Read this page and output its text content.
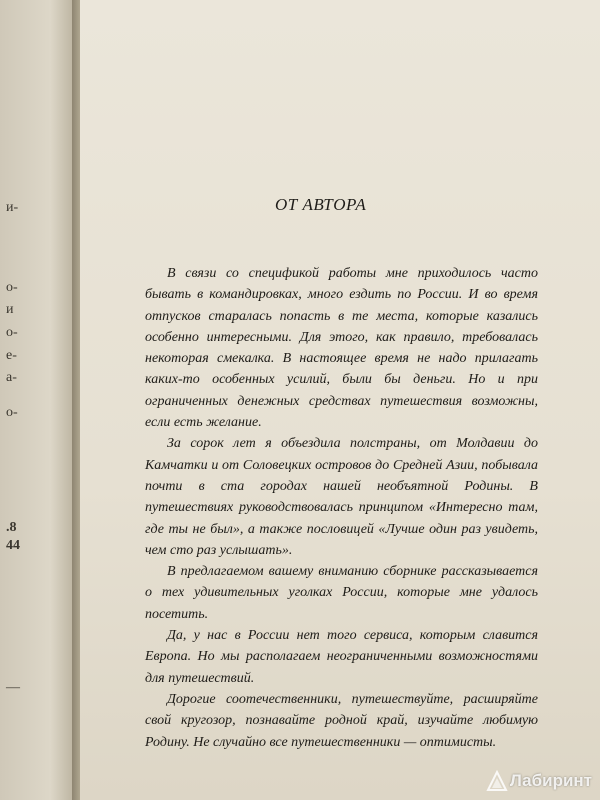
и-
о-
и
о-
е-
а-
о-
.8
44
—
ОТ АВТОРА

В связи со спецификой работы мне приходилось часто бывать в командировках, много ездить по России. И во время отпусков старалась попасть в те места, которые казались особенно интересными. Для этого, как правило, требовалась некоторая смекалка. В настоящее время не надо прилагать каких-то особенных усилий, были бы деньги. Но и при ограниченных денежных средствах путешествия возможны, если есть желание.

За сорок лет я объездила полстраны, от Молдавии до Камчатки и от Соловецких островов до Средней Азии, побывала почти в ста городах нашей необъятной Родины. В путешествиях руководствовалась принципом «Интересно там, где ты не был», а также пословицей «Лучше один раз увидеть, чем сто раз услышать».

В предлагаемом вашему вниманию сборнике рассказывается о тех удивительных уголках России, которые мне удалось посетить.

Да, у нас в России нет того сервиса, которым славится Европа. Но мы располагаем неограниченными возможностями для путешествий.

Дорогие соотечественники, путешествуйте, расширяйте свой кругозор, познавайте родной край, изучайте любимую Родину. Не случайно все путешественники — оптимисты.

Лабиринт
